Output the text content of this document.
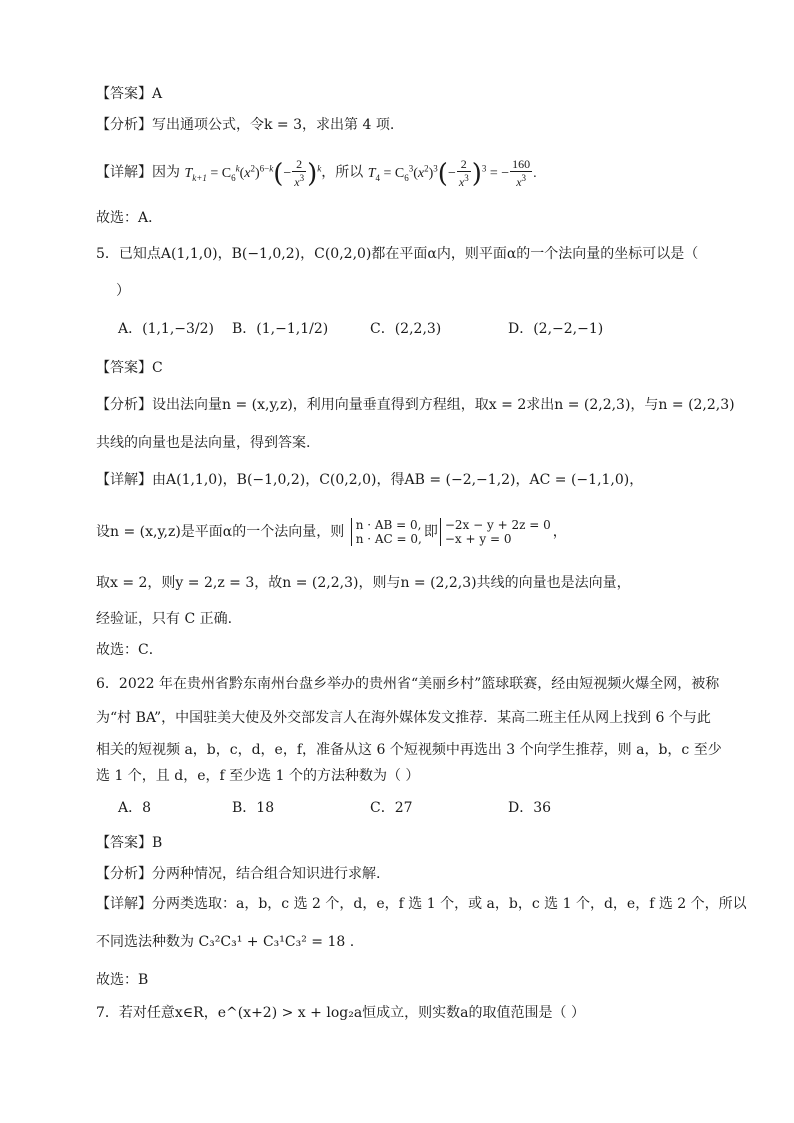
【答案】A
【分析】写出通项公式，令k = 3，求出第 4 项.
【详解】因为 $T_{k+1} = C_6^k(x^2)^{6-k}(- \frac{2}{x^3} )^k$，所以 $T_4 = C_6^3(x^2)^3(- \frac{2}{x^3} )^3$ = − $\frac{160}{x^3}$ .
故选：A．
5．已知点A(1,1,0)，B(−1,0,2)，C(0,2,0)都在平面α内，则平面α的一个法向量的坐标可以是（
）
A．(1,1,−3/2) B．(1,−1,1/2)	C．(2,2,3)	D．(2,−2,−1)
【答案】C
【分析】设出法向量n = (x,y,z)，利用向量垂直得到方程组，取x = 2求出n = (2,2,3)，与n = (2,2,3)
共线的向量也是法向量，得到答案.
【详解】由A(1,1,0)，B(−1,0,2)，C(0,2,0)，得AB = (−2,−1,2)，AC = (−1,1,0)，
设n = (x,y,z)是平面α的一个法向量，则 n · AB = 0,
n · AC = 0, 即 −2x − y + 2z = 0
−x + y = 0	，
取x = 2，则y = 2,z = 3，故n = (2,2,3)，则与n = (2,2,3)共线的向量也是法向量，
经验证，只有 C 正确.
故选：C．
6．2022 年在贵州省黔东南州台盘乡举办的贵州省“美丽乡村”篮球联赛，经由短视频火爆全网，被称
为“村 BA”，中国驻美大使及外交部发言人在海外媒体发文推荐．某高二班主任从网上找到 6 个与此
相关的短视频 a，b，c，d，e，f，准备从这 6 个短视频中再选出 3 个向学生推荐，则 a，b，c 至少
选 1 个，且 d，e，f 至少选 1 个的方法种数为（ ）
A．8	B．18	C．27	D．36
【答案】B
【分析】分两种情况，结合组合知识进行求解.
【详解】分两类选取：a，b，c 选 2 个，d，e，f 选 1 个，或 a，b，c 选 1 个，d，e，f 选 2 个，所以
不同选法种数为 C₃²C₃¹ + C₃¹C₃² = 18 .
故选：B
7．若对任意x∈R，e^(x+2) > x + log₂a恒成立，则实数a的取值范围是（ ）
